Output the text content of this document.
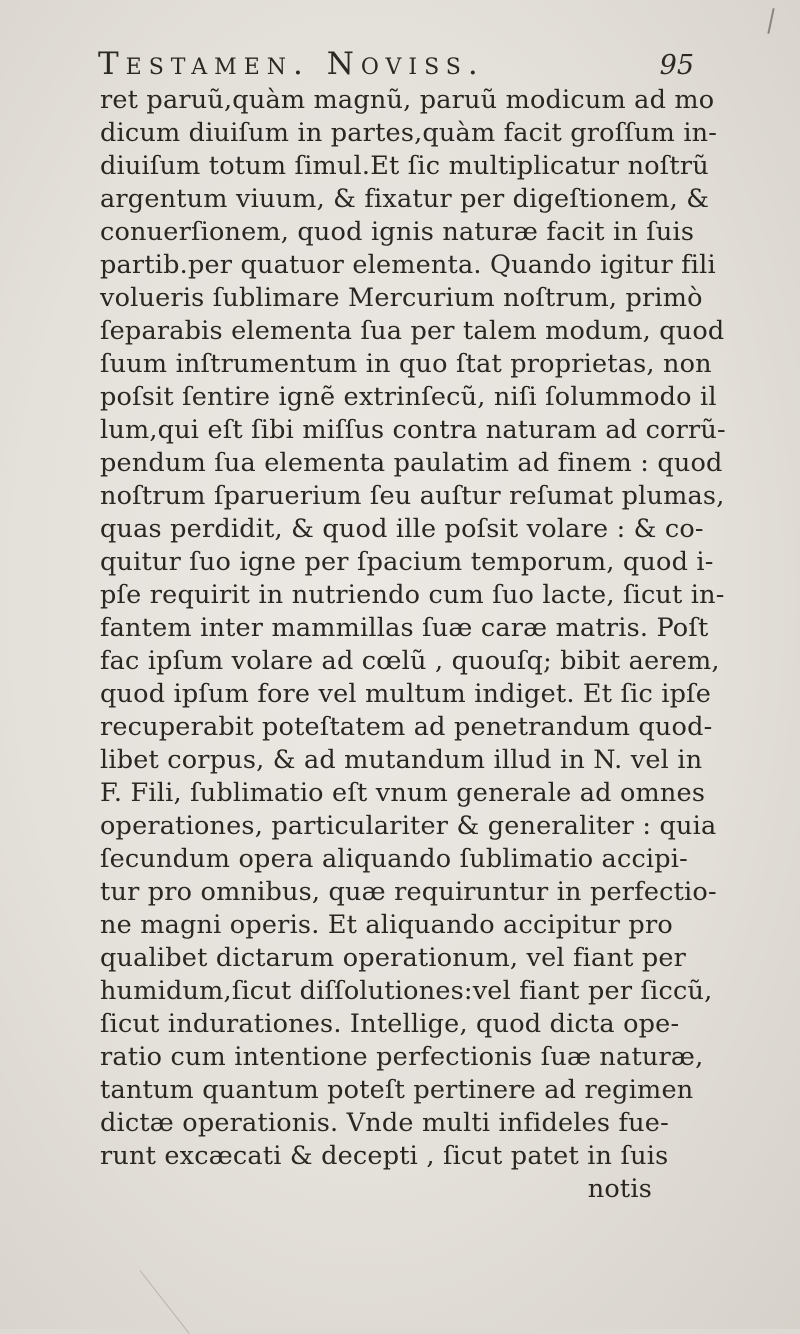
Testamen. Noviss.	95
ret paruũ,quàm magnũ, paruũ modicum ad mo
dicum diuiſum in partes,quàm facit groſſum in-
diuiſum totum ſimul.Et ſic multiplicatur noſtrũ
argentum viuum, & fixatur per digeſtionem, &
conuerſionem, quod ignis naturæ facit in ſuis
partib.per quatuor elementa. Quando igitur fili
volueris ſublimare Mercurium noſtrum, primò
ſeparabis elementa ſua per talem modum, quod
ſuum inſtrumentum in quo ſtat proprietas, non
poſsit ſentire ignẽ extrinſecũ, niſi ſolummodo il
lum,qui eſt ſibi miſſus contra naturam ad corrũ-
pendum ſua elementa paulatim ad finem : quod
noſtrum ſparuerium ſeu auſtur reſumat plumas,
quas perdidit, & quod ille poſsit volare : & co-
quitur ſuo igne per ſpacium temporum, quod i-
pſe requirit in nutriendo cum ſuo lacte, ſicut in-
fantem inter mammillas ſuæ caræ matris. Poſt
fac ipſum volare ad cœlũ , quouſq; bibit aerem,
quod ipſum fore vel multum indiget. Et ſic ipſe
recuperabit poteſtatem ad penetrandum quod-
libet corpus, & ad mutandum illud in N. vel in
F. Fili, ſublimatio eſt vnum generale ad omnes
operationes, particulariter & generaliter : quia
ſecundum opera aliquando ſublimatio accipi-
tur pro omnibus, quæ requiruntur in perfectio-
ne magni operis. Et aliquando accipitur pro
qualibet dictarum operationum, vel fiant per
humidum,ſicut diſſolutiones:vel fiant per ſiccũ,
ſicut indurationes. Intellige, quod dicta ope-
ratio cum intentione perfectionis ſuæ naturæ,
tantum quantum poteſt pertinere ad regimen
dictæ operationis. Vnde multi infideles fue-
runt excæcati & decepti , ſicut patet in ſuis
notis
